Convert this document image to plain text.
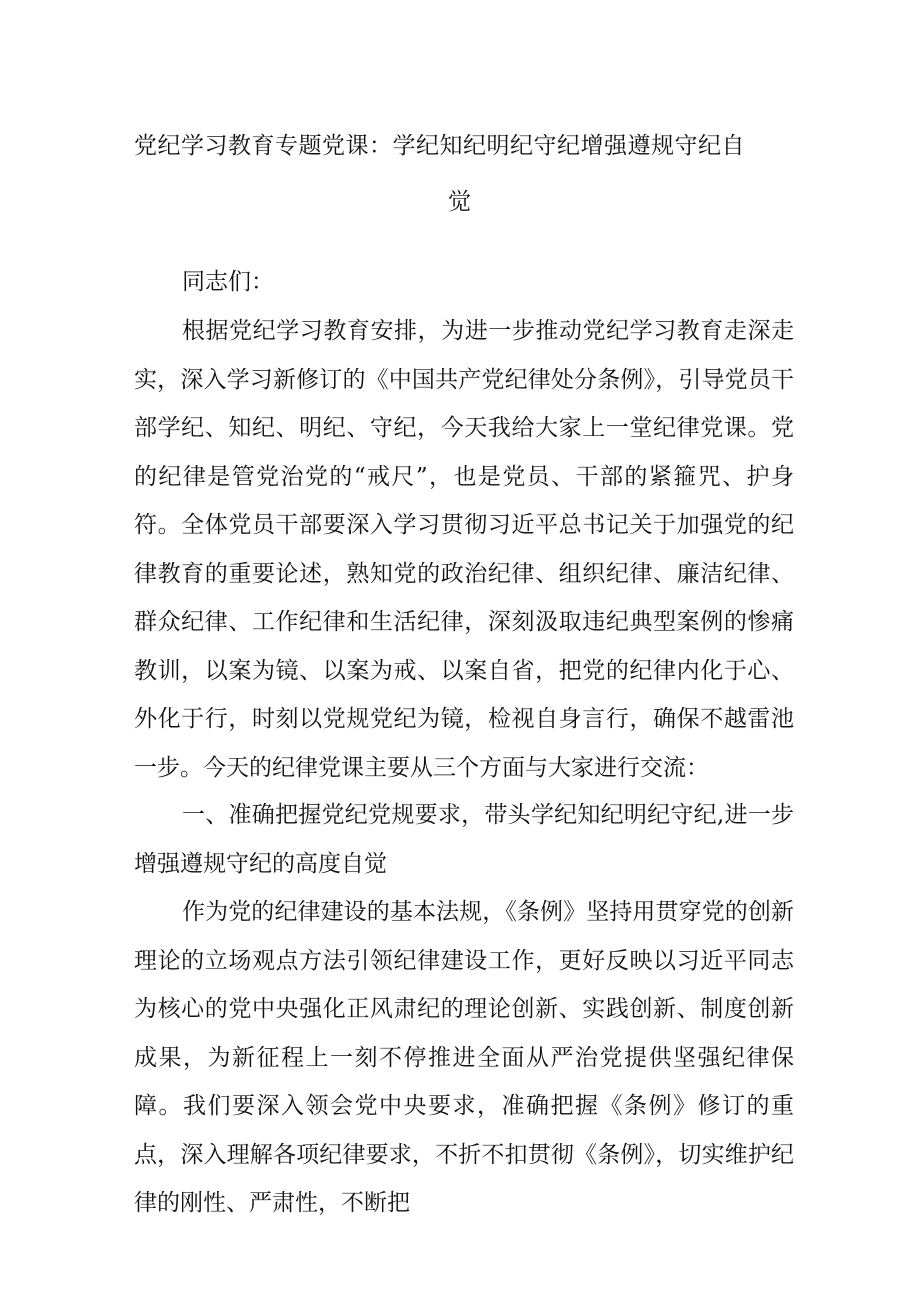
党纪学习教育专题党课：学纪知纪明纪守纪增强遵规守纪自
觉

同志们：

根据党纪学习教育安排，为进一步推动党纪学习教育走深走实，深入学习新修订的《中国共产党纪律处分条例》，引导党员干部学纪、知纪、明纪、守纪，今天我给大家上一堂纪律党课。党的纪律是管党治党的“戒尺”，也是党员、干部的紧箍咒、护身符。全体党员干部要深入学习贯彻习近平总书记关于加强党的纪律教育的重要论述，熟知党的政治纪律、组织纪律、廉洁纪律、群众纪律、工作纪律和生活纪律，深刻汲取违纪典型案例的惨痛教训，以案为镜、以案为戒、以案自省，把党的纪律内化于心、外化于行，时刻以党规党纪为镜，检视自身言行，确保不越雷池一步。今天的纪律党课主要从三个方面与大家进行交流：

一、准确把握党纪党规要求，带头学纪知纪明纪守纪,进一步增强遵规守纪的高度自觉

作为党的纪律建设的基本法规，《条例》坚持用贯穿党的创新理论的立场观点方法引领纪律建设工作，更好反映以习近平同志为核心的党中央强化正风肃纪的理论创新、实践创新、制度创新成果，为新征程上一刻不停推进全面从严治党提供坚强纪律保障。我们要深入领会党中央要求，准确把握《条例》修订的重点，深入理解各项纪律要求，不折不扣贯彻《条例》，切实维护纪律的刚性、严肃性，不断把
